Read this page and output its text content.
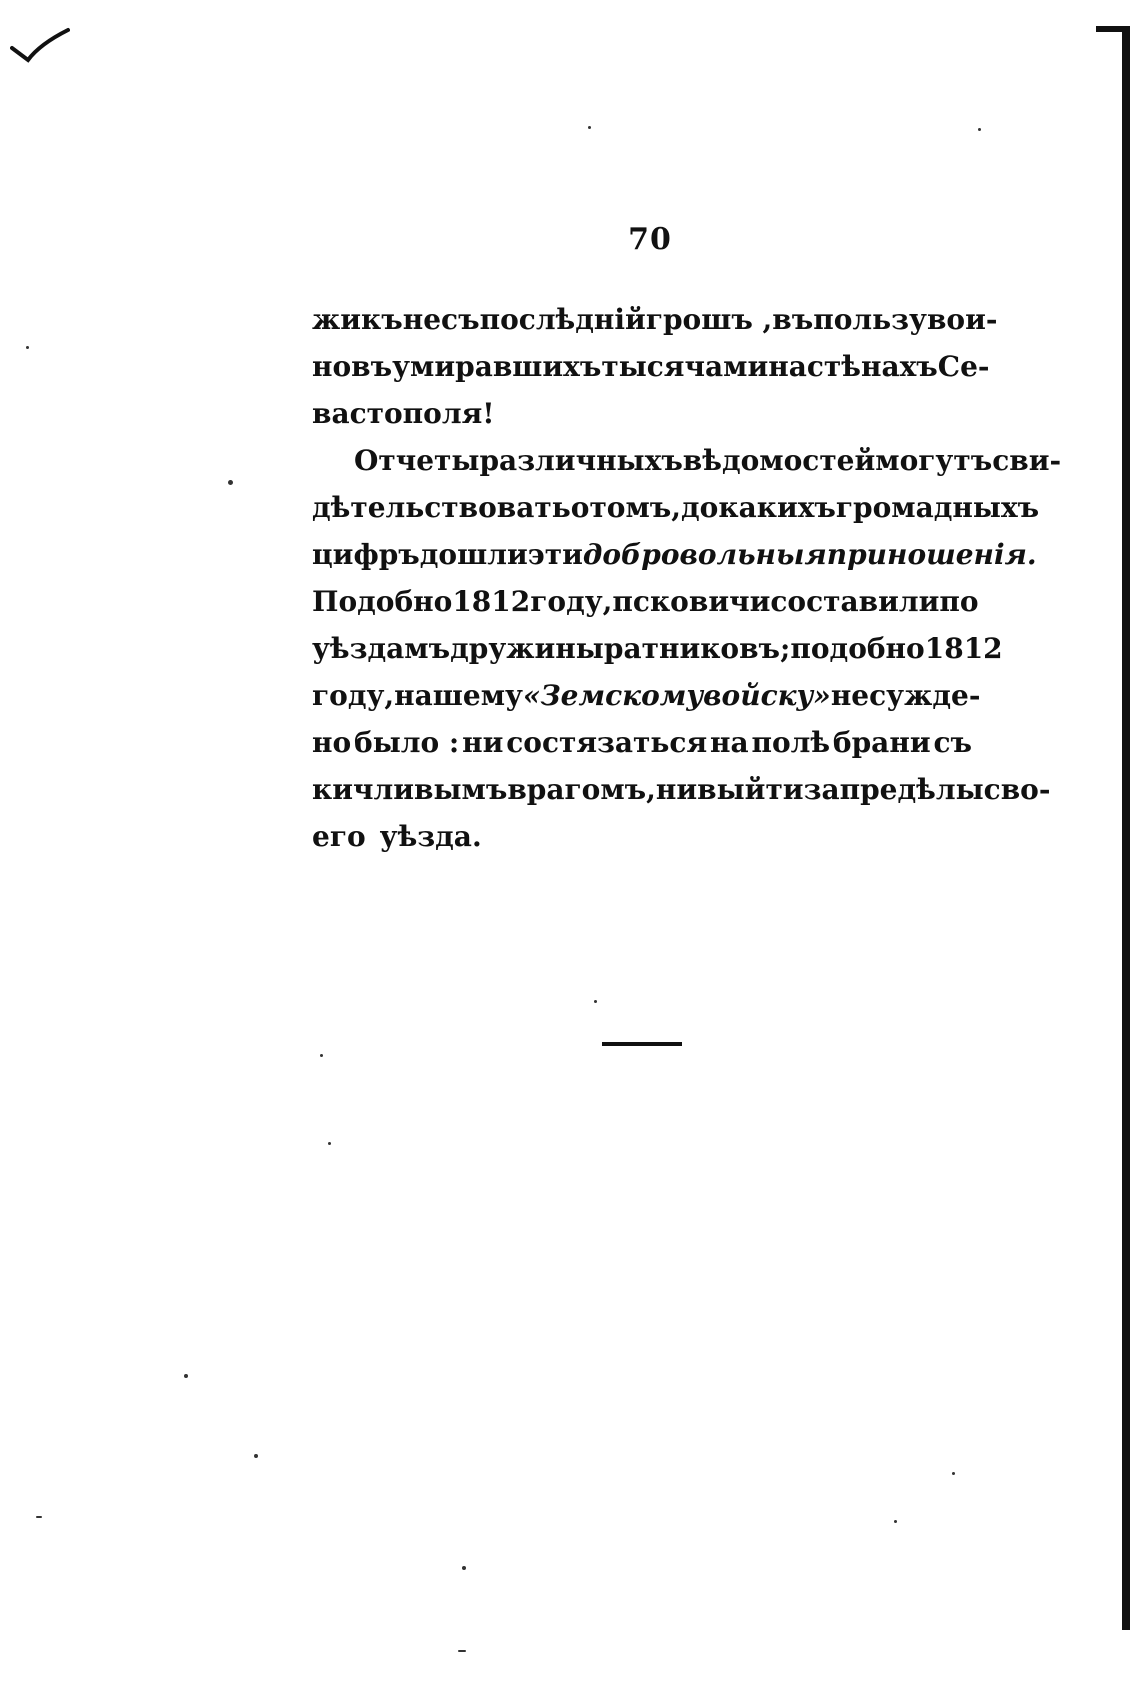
70
жикъ несъ послѣднiй грошъ , въ пользу вои-
новъ умиравшихъ тысячами на стѣнахъ Се-
вастополя!
Отчеты различныхъ вѣдомостей могутъ сви-
дѣтельствовать о томъ, до какихъ громадныхъ
цифръ дошли эти добровольныя приношенiя.
Подобно 1812 году, псковичи составили по
уѣздамъ дружины ратниковъ; подобно 1812
году, нашему «Земскому войску» не сужде-
но было : ни состязаться на полѣ брани съ
кичливымъ врагомъ, ни выйти за предѣлы сво-
его уѣзда.
